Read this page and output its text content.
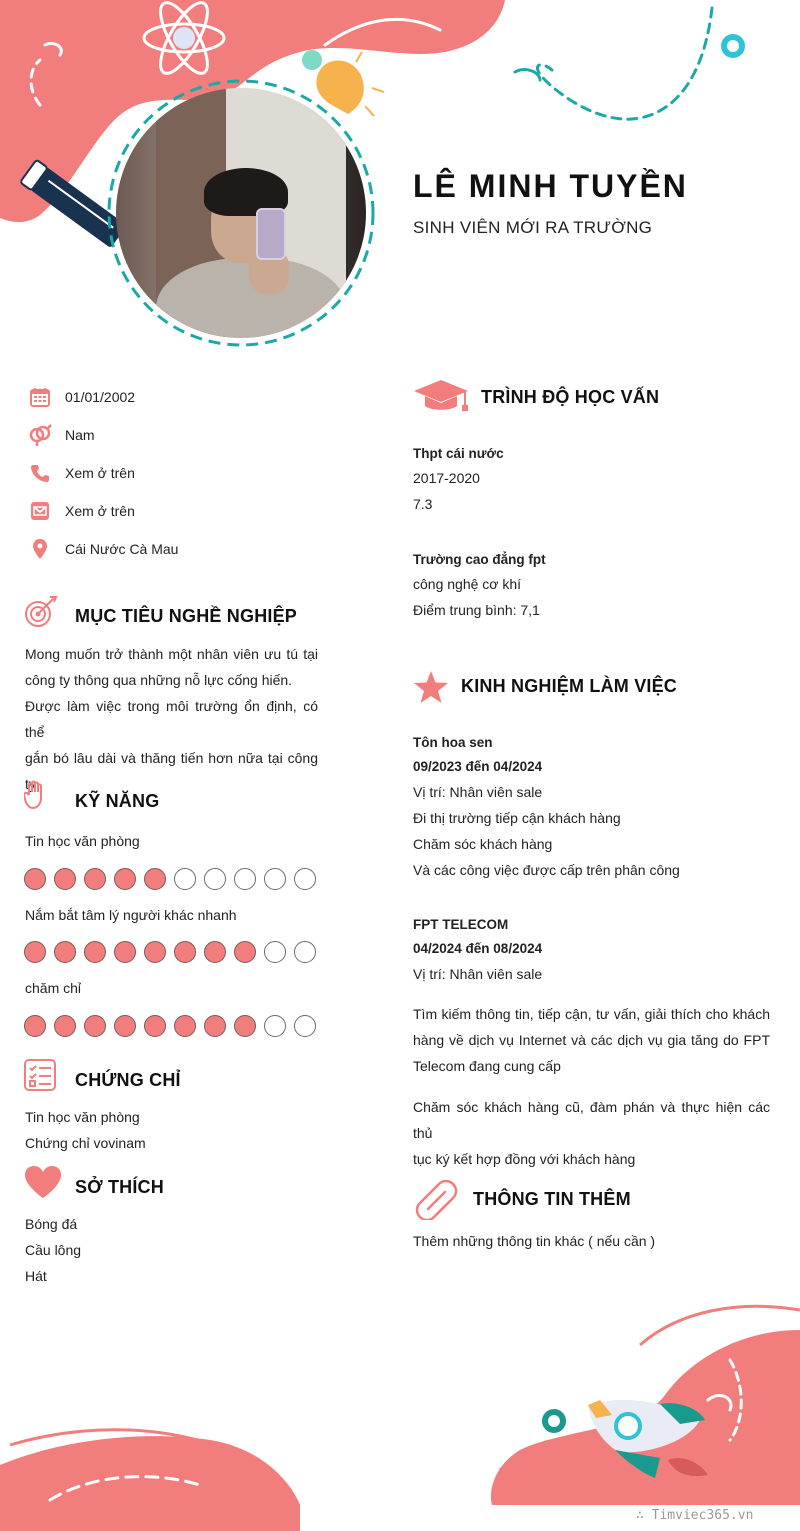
LÊ MINH TUYỀN
SINH VIÊN MỚI RA TRƯỜNG
01/01/2002
Nam
Xem ở trên
Xem ở trên
Cái Nước Cà Mau
MỤC TIÊU NGHỀ NGHIỆP
Mong muốn trở thành một nhân viên ưu tú tại
công ty thông qua những nỗ lực cống hiến.
Được làm việc trong môi trường ổn định, có thể
gắn bó lâu dài và thăng tiến hơn nữa tại công
ty
KỸ NĂNG
Tin học văn phòng
Nắm bắt tâm lý người khác nhanh
chăm chỉ
CHỨNG CHỈ
Tin học văn phòng
Chứng chỉ vovinam
SỞ THÍCH
Bóng đá
Cầu lông
Hát
TRÌNH ĐỘ HỌC VẤN
Thpt cái nước
2017-2020
7.3
Trường cao đẳng fpt
công nghệ cơ khí
Điểm trung bình: 7,1
KINH NGHIỆM LÀM VIỆC
Tôn hoa sen
09/2023 đến 04/2024
Vị trí: Nhân viên sale
Đi thị trường tiếp cận khách hàng
Chăm sóc khách hàng
Và các công việc được cấp trên phân công
FPT TELECOM
04/2024 đến 08/2024
Vị trí: Nhân viên sale
Tìm kiếm thông tin, tiếp cận, tư vấn, giải thích cho khách
hàng về dịch vụ Internet và các dịch vụ gia tăng do FPT
Telecom đang cung cấp
Chăm sóc khách hàng cũ, đàm phán và thực hiện các thủ
tục ký kết hợp đồng với khách hàng
THÔNG TIN THÊM
Thêm những thông tin khác ( nếu cần )
∴ Timviec365.vn
